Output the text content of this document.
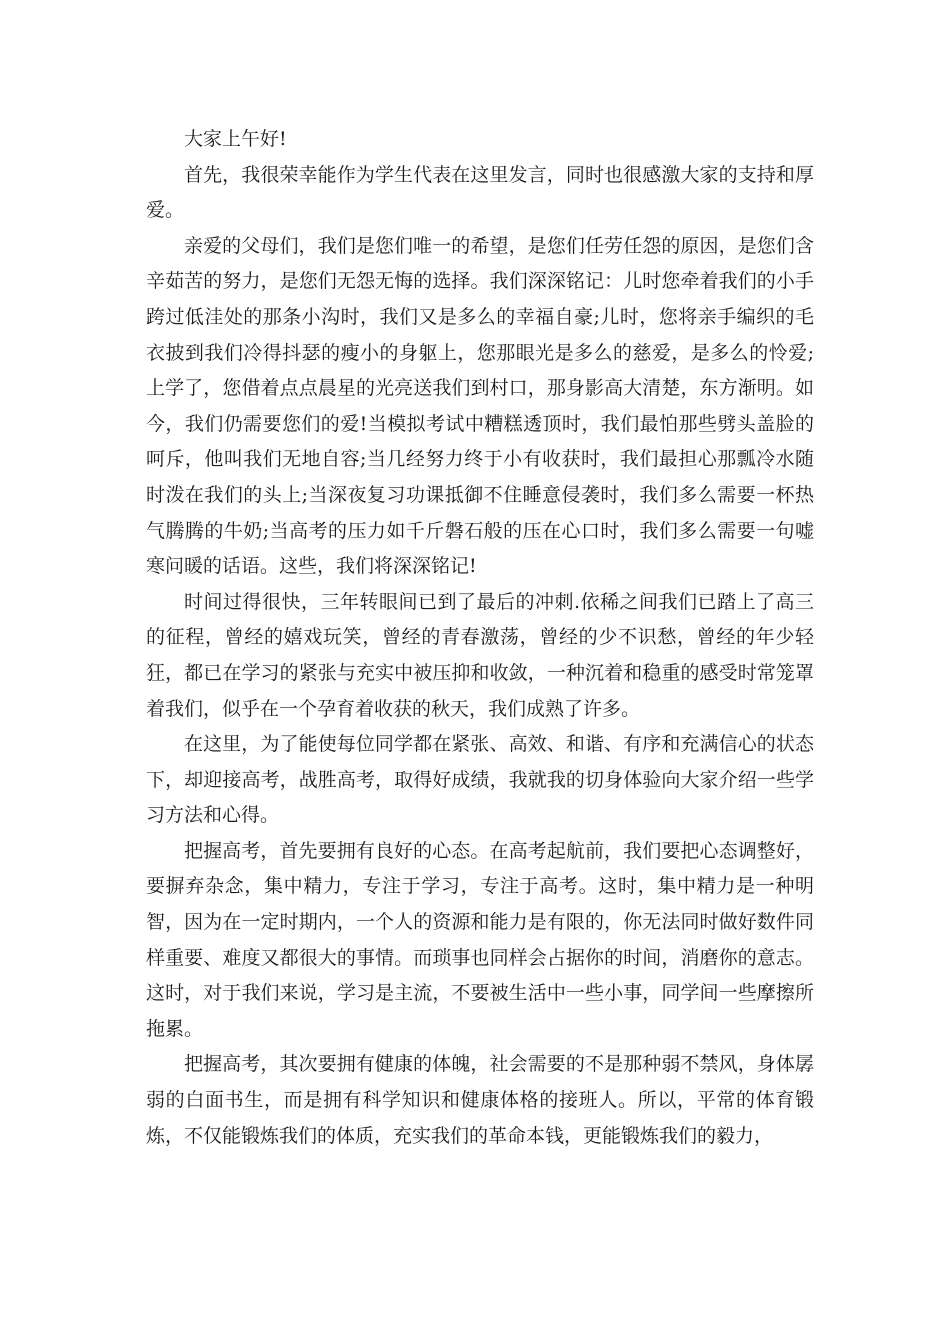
大家上午好!

首先，我很荣幸能作为学生代表在这里发言，同时也很感激大家的支持和厚爱。

亲爱的父母们，我们是您们唯一的希望，是您们任劳任怨的原因，是您们含辛茹苦的努力，是您们无怨无悔的选择。我们深深铭记：儿时您牵着我们的小手跨过低洼处的那条小沟时，我们又是多么的幸福自豪;儿时，您将亲手编织的毛衣披到我们冷得抖瑟的瘦小的身躯上，您那眼光是多么的慈爱，是多么的怜爱;上学了，您借着点点晨星的光亮送我们到村口，那身影高大清楚，东方渐明。如今，我们仍需要您们的爱!当模拟考试中糟糕透顶时，我们最怕那些劈头盖脸的呵斥，他叫我们无地自容;当几经努力终于小有收获时，我们最担心那瓢冷水随时泼在我们的头上;当深夜复习功课抵御不住睡意侵袭时，我们多么需要一杯热气腾腾的牛奶;当高考的压力如千斤磐石般的压在心口时，我们多么需要一句嘘寒问暖的话语。这些，我们将深深铭记!

时间过得很快，三年转眼间已到了最后的冲刺.依稀之间我们已踏上了高三的征程，曾经的嬉戏玩笑，曾经的青春激荡，曾经的少不识愁，曾经的年少轻狂，都已在学习的紧张与充实中被压抑和收敛，一种沉着和稳重的感受时常笼罩着我们，似乎在一个孕育着收获的秋天，我们成熟了许多。

在这里，为了能使每位同学都在紧张、高效、和谐、有序和充满信心的状态下，却迎接高考，战胜高考，取得好成绩，我就我的切身体验向大家介绍一些学习方法和心得。

把握高考，首先要拥有良好的心态。在高考起航前，我们要把心态调整好，要摒弃杂念，集中精力，专注于学习，专注于高考。这时，集中精力是一种明智，因为在一定时期内，一个人的资源和能力是有限的，你无法同时做好数件同样重要、难度又都很大的事情。而琐事也同样会占据你的时间，消磨你的意志。这时，对于我们来说，学习是主流，不要被生活中一些小事，同学间一些摩擦所拖累。

把握高考，其次要拥有健康的体魄，社会需要的不是那种弱不禁风，身体孱弱的白面书生，而是拥有科学知识和健康体格的接班人。所以，平常的体育锻炼，不仅能锻炼我们的体质，充实我们的革命本钱，更能锻炼我们的毅力，
